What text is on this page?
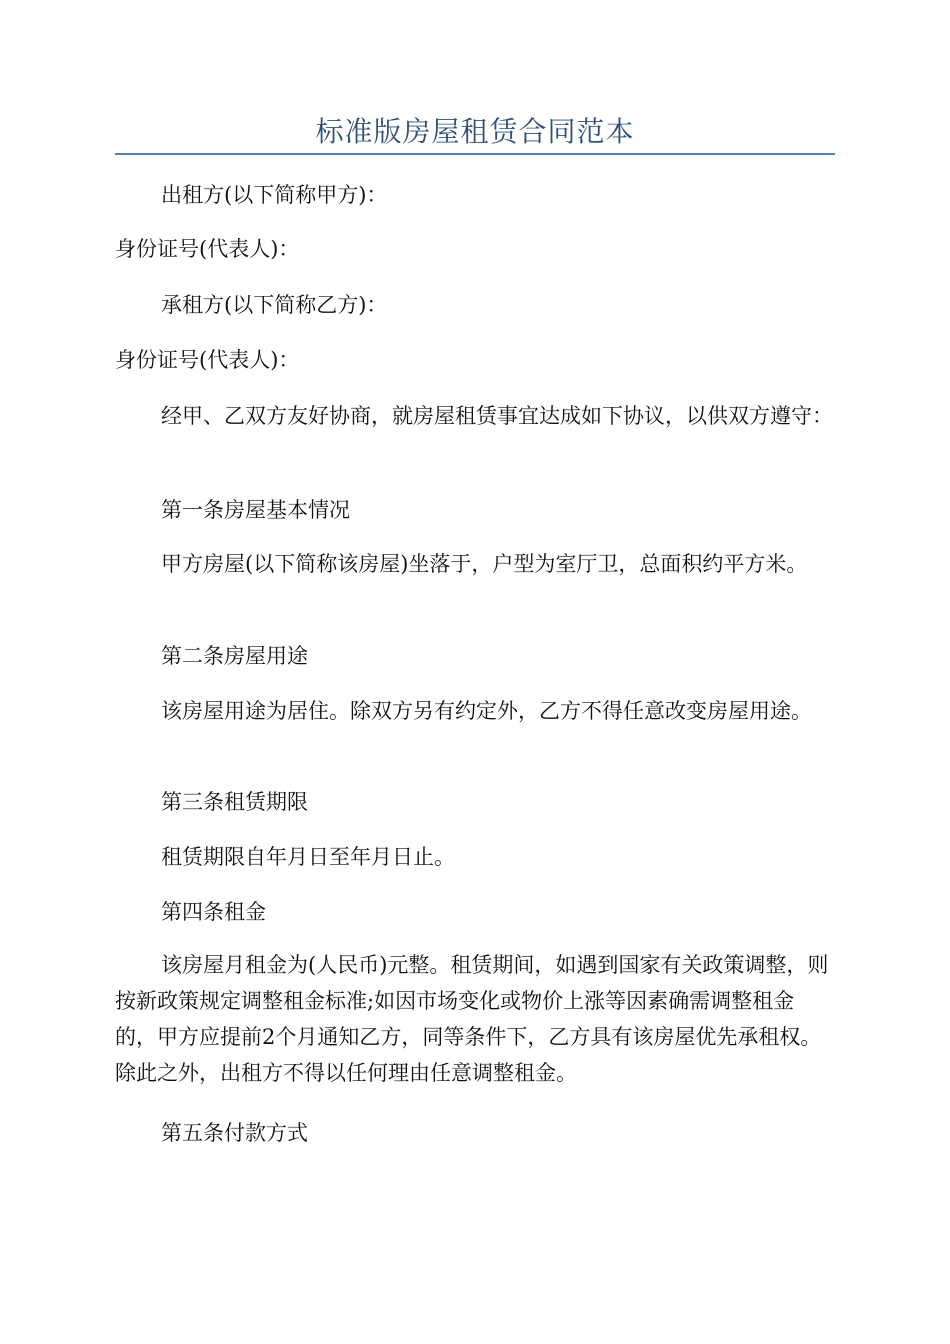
标准版房屋租赁合同范本

出租方(以下简称甲方)：

身份证号(代表人)：

承租方(以下简称乙方)：

身份证号(代表人)：

经甲、乙双方友好协商，就房屋租赁事宜达成如下协议，以供双方遵守：

第一条房屋基本情况

甲方房屋(以下简称该房屋)坐落于，户型为室厅卫，总面积约平方米。

第二条房屋用途

该房屋用途为居住。除双方另有约定外，乙方不得任意改变房屋用途。

第三条租赁期限

租赁期限自年月日至年月日止。

第四条租金

该房屋月租金为(人民币)元整。租赁期间，如遇到国家有关政策调整，则按新政策规定调整租金标准;如因市场变化或物价上涨等因素确需调整租金的，甲方应提前2个月通知乙方，同等条件下，乙方具有该房屋优先承租权。除此之外，出租方不得以任何理由任意调整租金。

第五条付款方式
